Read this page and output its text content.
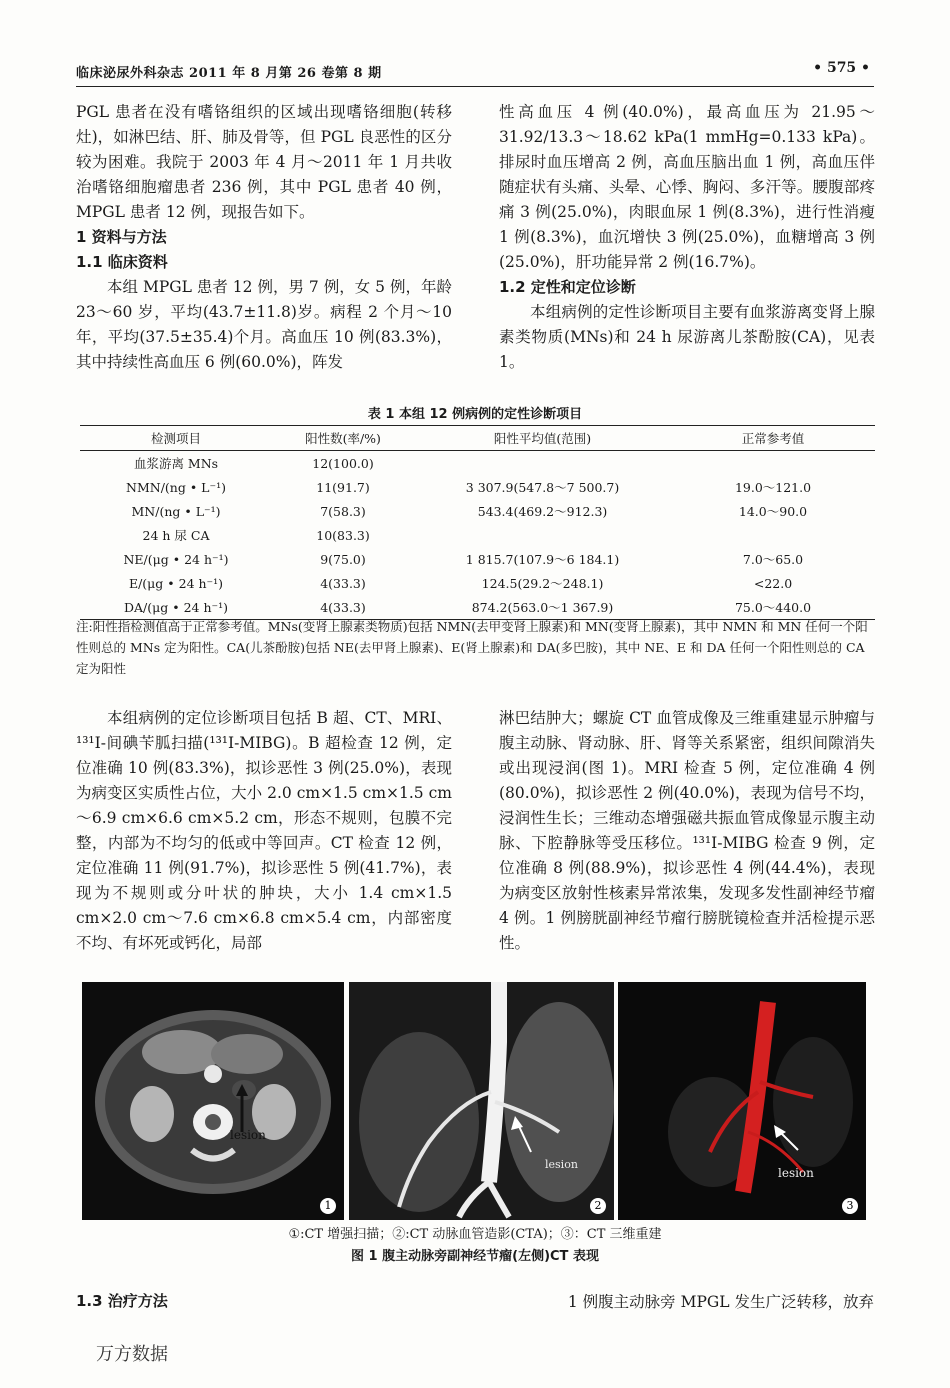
临床泌尿外科杂志 2011 年 8 月第 26 卷第 8 期	• 575 •

PGL 患者在没有嗜铬组织的区域出现嗜铬细胞(转移灶)，如淋巴结、肝、肺及骨等，但 PGL 良恶性的区分较为困难。我院于 2003 年 4 月～2011 年 1 月共收治嗜铬细胞瘤患者 236 例，其中 PGL 患者 40 例，MPGL 患者 12 例，现报告如下。

1 资料与方法

1.1 临床资料

本组 MPGL 患者 12 例，男 7 例，女 5 例，年龄 23～60 岁，平均(43.7±11.8)岁。病程 2 个月～10 年，平均(37.5±35.4)个月。高血压 10 例(83.3%)，其中持续性高血压 6 例(60.0%)，阵发

性高血压 4 例(40.0%)，最高血压为 21.95～31.92/13.3～18.62 kPa(1 mmHg=0.133 kPa)。排尿时血压增高 2 例，高血压脑出血 1 例，高血压伴随症状有头痛、头晕、心悸、胸闷、多汗等。腰腹部疼痛 3 例(25.0%)，肉眼血尿 1 例(8.3%)，进行性消瘦 1 例(8.3%)，血沉增快 3 例(25.0%)，血糖增高 3 例(25.0%)，肝功能异常 2 例(16.7%)。

1.2 定性和定位诊断

本组病例的定性诊断项目主要有血浆游离变肾上腺素类物质(MNs)和 24 h 尿游离儿茶酚胺(CA)，见表 1。

表 1 本组 12 例病例的定性诊断项目
检测项目	阳性数(率/%)	阳性平均值(范围)	正常参考值
血浆游离 MNs	12(100.0)		
NMN/(ng • L⁻¹)	11(91.7)	3 307.9(547.8～7 500.7)	19.0～121.0
MN/(ng • L⁻¹)	7(58.3)	543.4(469.2～912.3)	14.0～90.0
24 h 尿 CA	10(83.3)		
NE/(μg • 24 h⁻¹)	9(75.0)	1 815.7(107.9～6 184.1)	7.0～65.0
E/(μg • 24 h⁻¹)	4(33.3)	124.5(29.2～248.1)	<22.0
DA/(μg • 24 h⁻¹)	4(33.3)	874.2(563.0～1 367.9)	75.0～440.0
注:阳性指检测值高于正常参考值。MNs(变肾上腺素类物质)包括 NMN(去甲变肾上腺素)和 MN(变肾上腺素)，其中 NMN 和 MN 任何一个阳性则总的 MNs 定为阳性。CA(儿茶酚胺)包括 NE(去甲肾上腺素)、E(肾上腺素)和 DA(多巴胺)，其中 NE、E 和 DA 任何一个阳性则总的 CA 定为阳性

本组病例的定位诊断项目包括 B 超、CT、MRI、¹³¹I-间碘苄胍扫描(¹³¹I-MIBG)。B 超检查 12 例，定位准确 10 例(83.3%)，拟诊恶性 3 例(25.0%)，表现为病变区实质性占位，大小 2.0 cm×1.5 cm×1.5 cm～6.9 cm×6.6 cm×5.2 cm，形态不规则，包膜不完整，内部为不均匀的低或中等回声。CT 检查 12 例，定位准确 11 例(91.7%)，拟诊恶性 5 例(41.7%)，表现为不规则或分叶状的肿块，大小 1.4 cm×1.5 cm×2.0 cm～7.6 cm×6.8 cm×5.4 cm，内部密度不均、有坏死或钙化，局部

淋巴结肿大；螺旋 CT 血管成像及三维重建显示肿瘤与腹主动脉、肾动脉、肝、肾等关系紧密，组织间隙消失或出现浸润(图 1)。MRI 检查 5 例，定位准确 4 例(80.0%)，拟诊恶性 2 例(40.0%)，表现为信号不均，浸润性生长；三维动态增强磁共振血管成像显示腹主动脉、下腔静脉等受压移位。¹³¹I-MIBG 检查 9 例，定位准确 8 例(88.9%)，拟诊恶性 4 例(44.4%)，表现为病变区放射性核素异常浓集，发现多发性副神经节瘤 4 例。1 例膀胱副神经节瘤行膀胱镜检查并活检提示恶性。

lesion
1
lesion
2
lesion
3
①:CT 增强扫描；②:CT 动脉血管造影(CTA)；③：CT 三维重建
图 1 腹主动脉旁副神经节瘤(左侧)CT 表现
1.3 治疗方法	1 例腹主动脉旁 MPGL 发生广泛转移，放弃
万方数据
